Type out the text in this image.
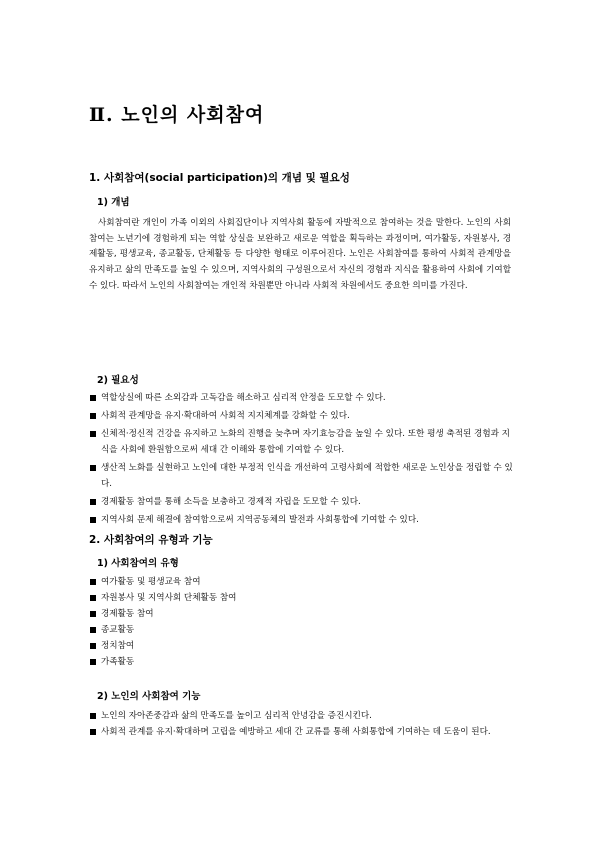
Ⅱ. 노인의 사회참여
1. 사회참여(social participation)의 개념 및 필요성
1) 개념
사회참여란 개인이 가족 이외의 사회집단이나 지역사회 활동에 자발적으로 참여하는 것을 말한다. 노인의 사회참여는 노년기에 경험하게 되는 역할 상실을 보완하고 새로운 역할을 획득하는 과정이며, 여가활동, 자원봉사, 경제활동, 평생교육, 종교활동, 단체활동 등 다양한 형태로 이루어진다. 노인은 사회참여를 통하여 사회적 관계망을 유지하고 삶의 만족도를 높일 수 있으며, 지역사회의 구성원으로서 자신의 경험과 지식을 활용하여 사회에 기여할 수 있다. 따라서 노인의 사회참여는 개인적 차원뿐만 아니라 사회적 차원에서도 중요한 의미를 가진다.
2) 필요성
역할상실에 따른 소외감과 고독감을 해소하고 심리적 안정을 도모할 수 있다.
사회적 관계망을 유지·확대하여 사회적 지지체계를 강화할 수 있다.
신체적·정신적 건강을 유지하고 노화의 진행을 늦추며 자기효능감을 높일 수 있다. 또한 평생 축적된 경험과 지식을 사회에 환원함으로써 세대 간 이해와 통합에 기여할 수 있다.
생산적 노화를 실현하고 노인에 대한 부정적 인식을 개선하여 고령사회에 적합한 새로운 노인상을 정립할 수 있다.
경제활동 참여를 통해 소득을 보충하고 경제적 자립을 도모할 수 있다.
지역사회 문제 해결에 참여함으로써 지역공동체의 발전과 사회통합에 기여할 수 있다.
2. 사회참여의 유형과 기능
1) 사회참여의 유형
여가활동 및 평생교육 참여
자원봉사 및 지역사회 단체활동 참여
경제활동 참여
종교활동
정치참여
가족활동
2) 노인의 사회참여 기능
노인의 자아존중감과 삶의 만족도를 높이고 심리적 안녕감을 증진시킨다.
사회적 관계를 유지·확대하며 고립을 예방하고 세대 간 교류를 통해 사회통합에 기여하는 데 도움이 된다.
